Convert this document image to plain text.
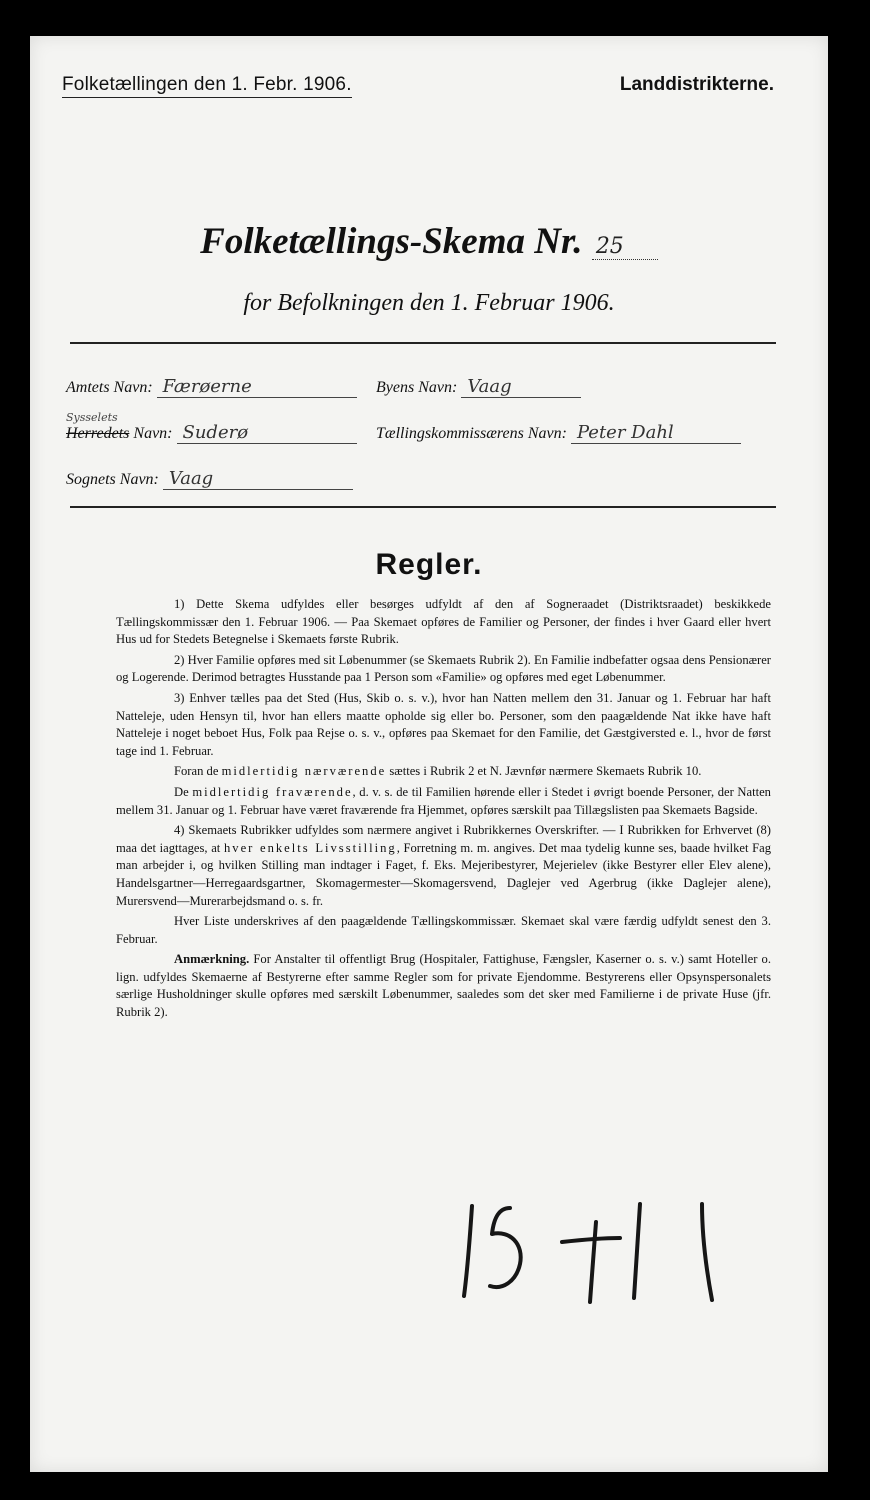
Folketællingen den 1. Febr. 1906.	Landdistrikterne.
Folketællings-Skema Nr. 25
for Befolkningen den 1. Februar 1906.
Amtets Navn: Færøerne	Byens Navn: Vaag
Sysselets
Herredets Navn: Suderø	Tællingskommissærens Navn: Peter Dahl
Sognets Navn: Vaag
Regler.

1) Dette Skema udfyldes eller besørges udfyldt af den af Sogneraadet (Distriktsraadet) beskikkede Tællingskommissær den 1. Februar 1906. — Paa Skemaet opføres de Familier og Personer, der findes i hver Gaard eller hvert Hus ud for Stedets Betegnelse i Skemaets første Rubrik.

2) Hver Familie opføres med sit Løbenummer (se Skemaets Rubrik 2). En Familie indbefatter ogsaa dens Pensionærer og Logerende. Derimod betragtes Husstande paa 1 Person som «Familie» og opføres med eget Løbenummer.

3) Enhver tælles paa det Sted (Hus, Skib o. s. v.), hvor han Natten mellem den 31. Januar og 1. Februar har haft Natteleje, uden Hensyn til, hvor han ellers maatte opholde sig eller bo. Personer, som den paagældende Nat ikke have haft Natteleje i noget beboet Hus, Folk paa Rejse o. s. v., opføres paa Skemaet for den Familie, det Gæstgiversted e. l., hvor de først tage ind 1. Februar.

Foran de midlertidig nærværende sættes i Rubrik 2 et N. Jævnfør nærmere Skemaets Rubrik 10.

De midlertidig fraværende, d. v. s. de til Familien hørende eller i Stedet i øvrigt boende Personer, der Natten mellem 31. Januar og 1. Februar have været fraværende fra Hjemmet, opføres særskilt paa Tillægslisten paa Skemaets Bagside.

4) Skemaets Rubrikker udfyldes som nærmere angivet i Rubrikkernes Overskrifter. — I Rubrikken for Erhvervet (8) maa det iagttages, at hver enkelts Livsstilling, Forretning m. m. angives. Det maa tydelig kunne ses, baade hvilket Fag man arbejder i, og hvilken Stilling man indtager i Faget, f. Eks. Mejeribestyrer, Mejerielev (ikke Bestyrer eller Elev alene), Handelsgartner—Herregaardsgartner, Skomagermester—Skomagersvend, Daglejer ved Agerbrug (ikke Daglejer alene), Murersvend—Murerarbejdsmand o. s. fr.

Hver Liste underskrives af den paagældende Tællingskommissær. Skemaet skal være færdig udfyldt senest den 3. Februar.

Anmærkning. For Anstalter til offentligt Brug (Hospitaler, Fattighuse, Fængsler, Kaserner o. s. v.) samt Hoteller o. lign. udfyldes Skemaerne af Bestyrerne efter samme Regler som for private Ejendomme. Bestyrerens eller Opsynspersonalets særlige Husholdninger skulle opføres med særskilt Løbenummer, saaledes som det sker med Familierne i de private Huse (jfr. Rubrik 2).
